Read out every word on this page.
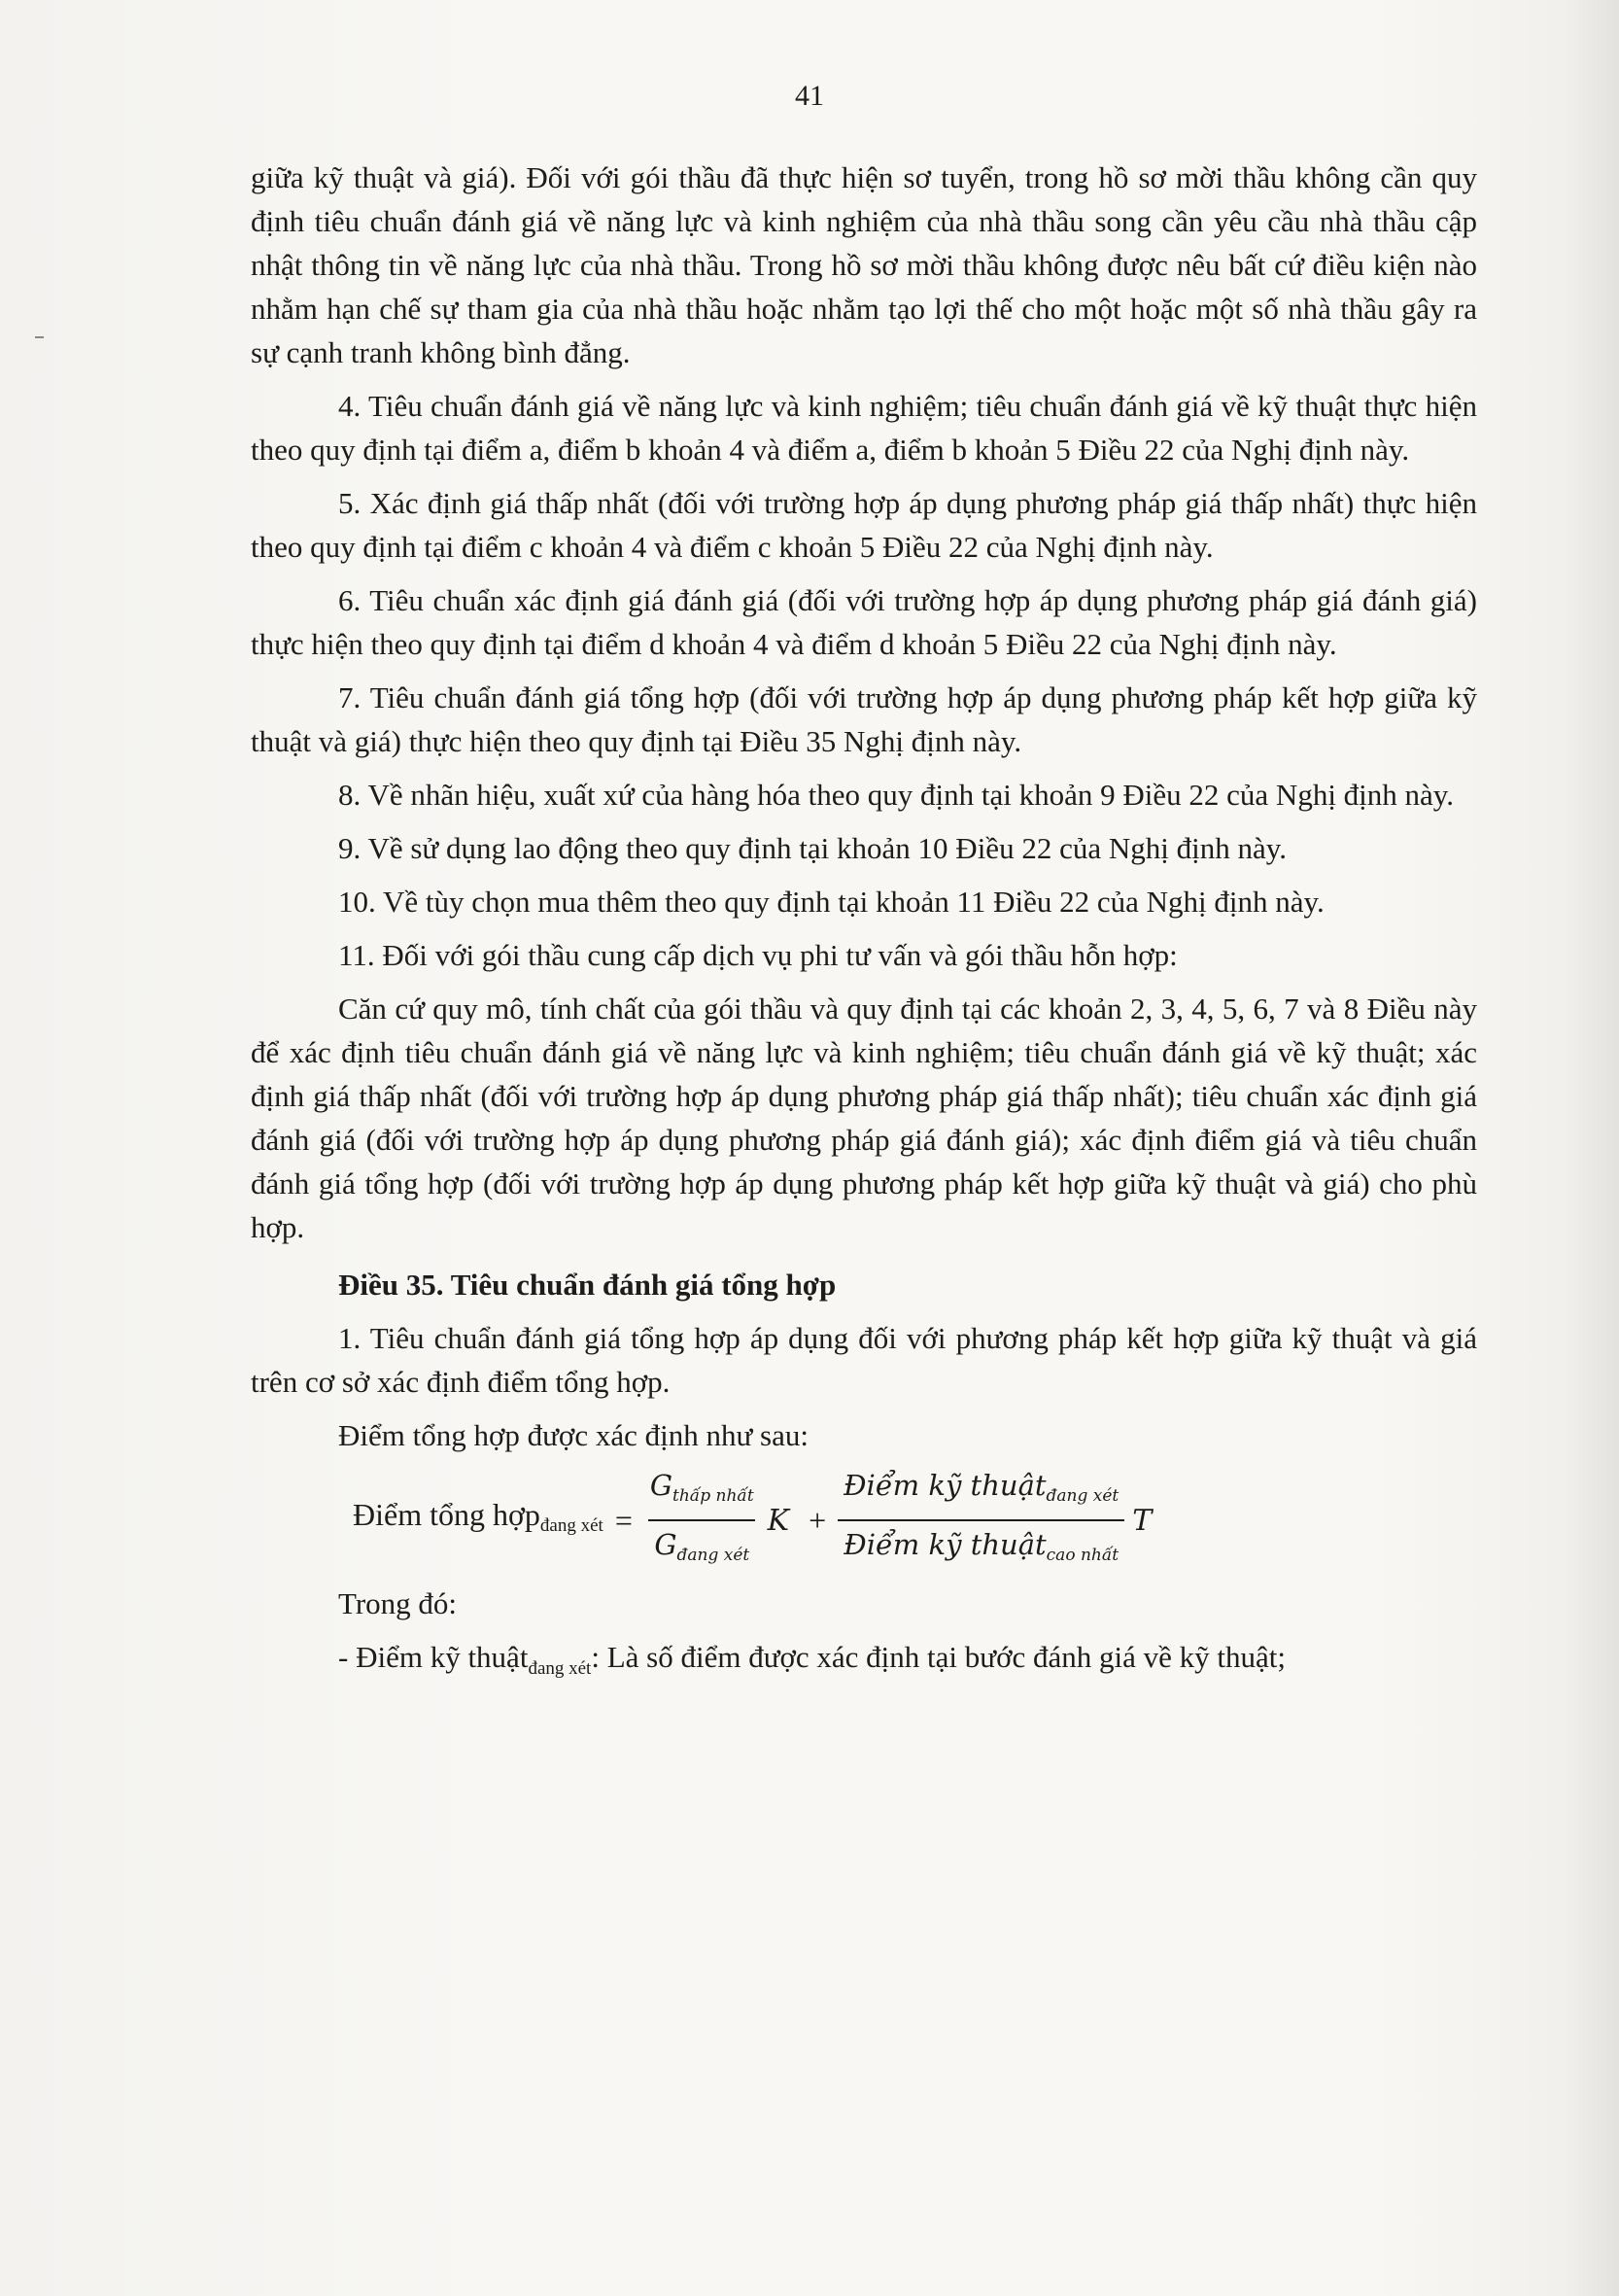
41

giữa kỹ thuật và giá). Đối với gói thầu đã thực hiện sơ tuyển, trong hồ sơ mời thầu không cần quy định tiêu chuẩn đánh giá về năng lực và kinh nghiệm của nhà thầu song cần yêu cầu nhà thầu cập nhật thông tin về năng lực của nhà thầu. Trong hồ sơ mời thầu không được nêu bất cứ điều kiện nào nhằm hạn chế sự tham gia của nhà thầu hoặc nhằm tạo lợi thế cho một hoặc một số nhà thầu gây ra sự cạnh tranh không bình đẳng.

4. Tiêu chuẩn đánh giá về năng lực và kinh nghiệm; tiêu chuẩn đánh giá về kỹ thuật thực hiện theo quy định tại điểm a, điểm b khoản 4 và điểm a, điểm b khoản 5 Điều 22 của Nghị định này.

5. Xác định giá thấp nhất (đối với trường hợp áp dụng phương pháp giá thấp nhất) thực hiện theo quy định tại điểm c khoản 4 và điểm c khoản 5 Điều 22 của Nghị định này.

6. Tiêu chuẩn xác định giá đánh giá (đối với trường hợp áp dụng phương pháp giá đánh giá) thực hiện theo quy định tại điểm d khoản 4 và điểm d khoản 5 Điều 22 của Nghị định này.

7. Tiêu chuẩn đánh giá tổng hợp (đối với trường hợp áp dụng phương pháp kết hợp giữa kỹ thuật và giá) thực hiện theo quy định tại Điều 35 Nghị định này.

8. Về nhãn hiệu, xuất xứ của hàng hóa theo quy định tại khoản 9 Điều 22 của Nghị định này.

9. Về sử dụng lao động theo quy định tại khoản 10 Điều 22 của Nghị định này.

10. Về tùy chọn mua thêm theo quy định tại khoản 11 Điều 22 của Nghị định này.

11. Đối với gói thầu cung cấp dịch vụ phi tư vấn và gói thầu hỗn hợp:

Căn cứ quy mô, tính chất của gói thầu và quy định tại các khoản 2, 3, 4, 5, 6, 7 và 8 Điều này để xác định tiêu chuẩn đánh giá về năng lực và kinh nghiệm; tiêu chuẩn đánh giá về kỹ thuật; xác định giá thấp nhất (đối với trường hợp áp dụng phương pháp giá thấp nhất); tiêu chuẩn xác định giá đánh giá (đối với trường hợp áp dụng phương pháp giá đánh giá); xác định điểm giá và tiêu chuẩn đánh giá tổng hợp (đối với trường hợp áp dụng phương pháp kết hợp giữa kỹ thuật và giá) cho phù hợp.

Điều 35. Tiêu chuẩn đánh giá tổng hợp

1. Tiêu chuẩn đánh giá tổng hợp áp dụng đối với phương pháp kết hợp giữa kỹ thuật và giá trên cơ sở xác định điểm tổng hợp.

Điểm tổng hợp được xác định như sau:

Điểm tổng hợp$_{đang xét}$ = $\frac{G_{thấp nhất}}{G_{đang xét}}$ $K + \frac{Điểm kỹ thuật_{đang xét}}{Điểm kỹ thuật_{cao nhất}}$ T

Trong đó:

- Điểm kỹ thuật$_{đang xét}$: Là số điểm được xác định tại bước đánh giá về kỹ thuật;
